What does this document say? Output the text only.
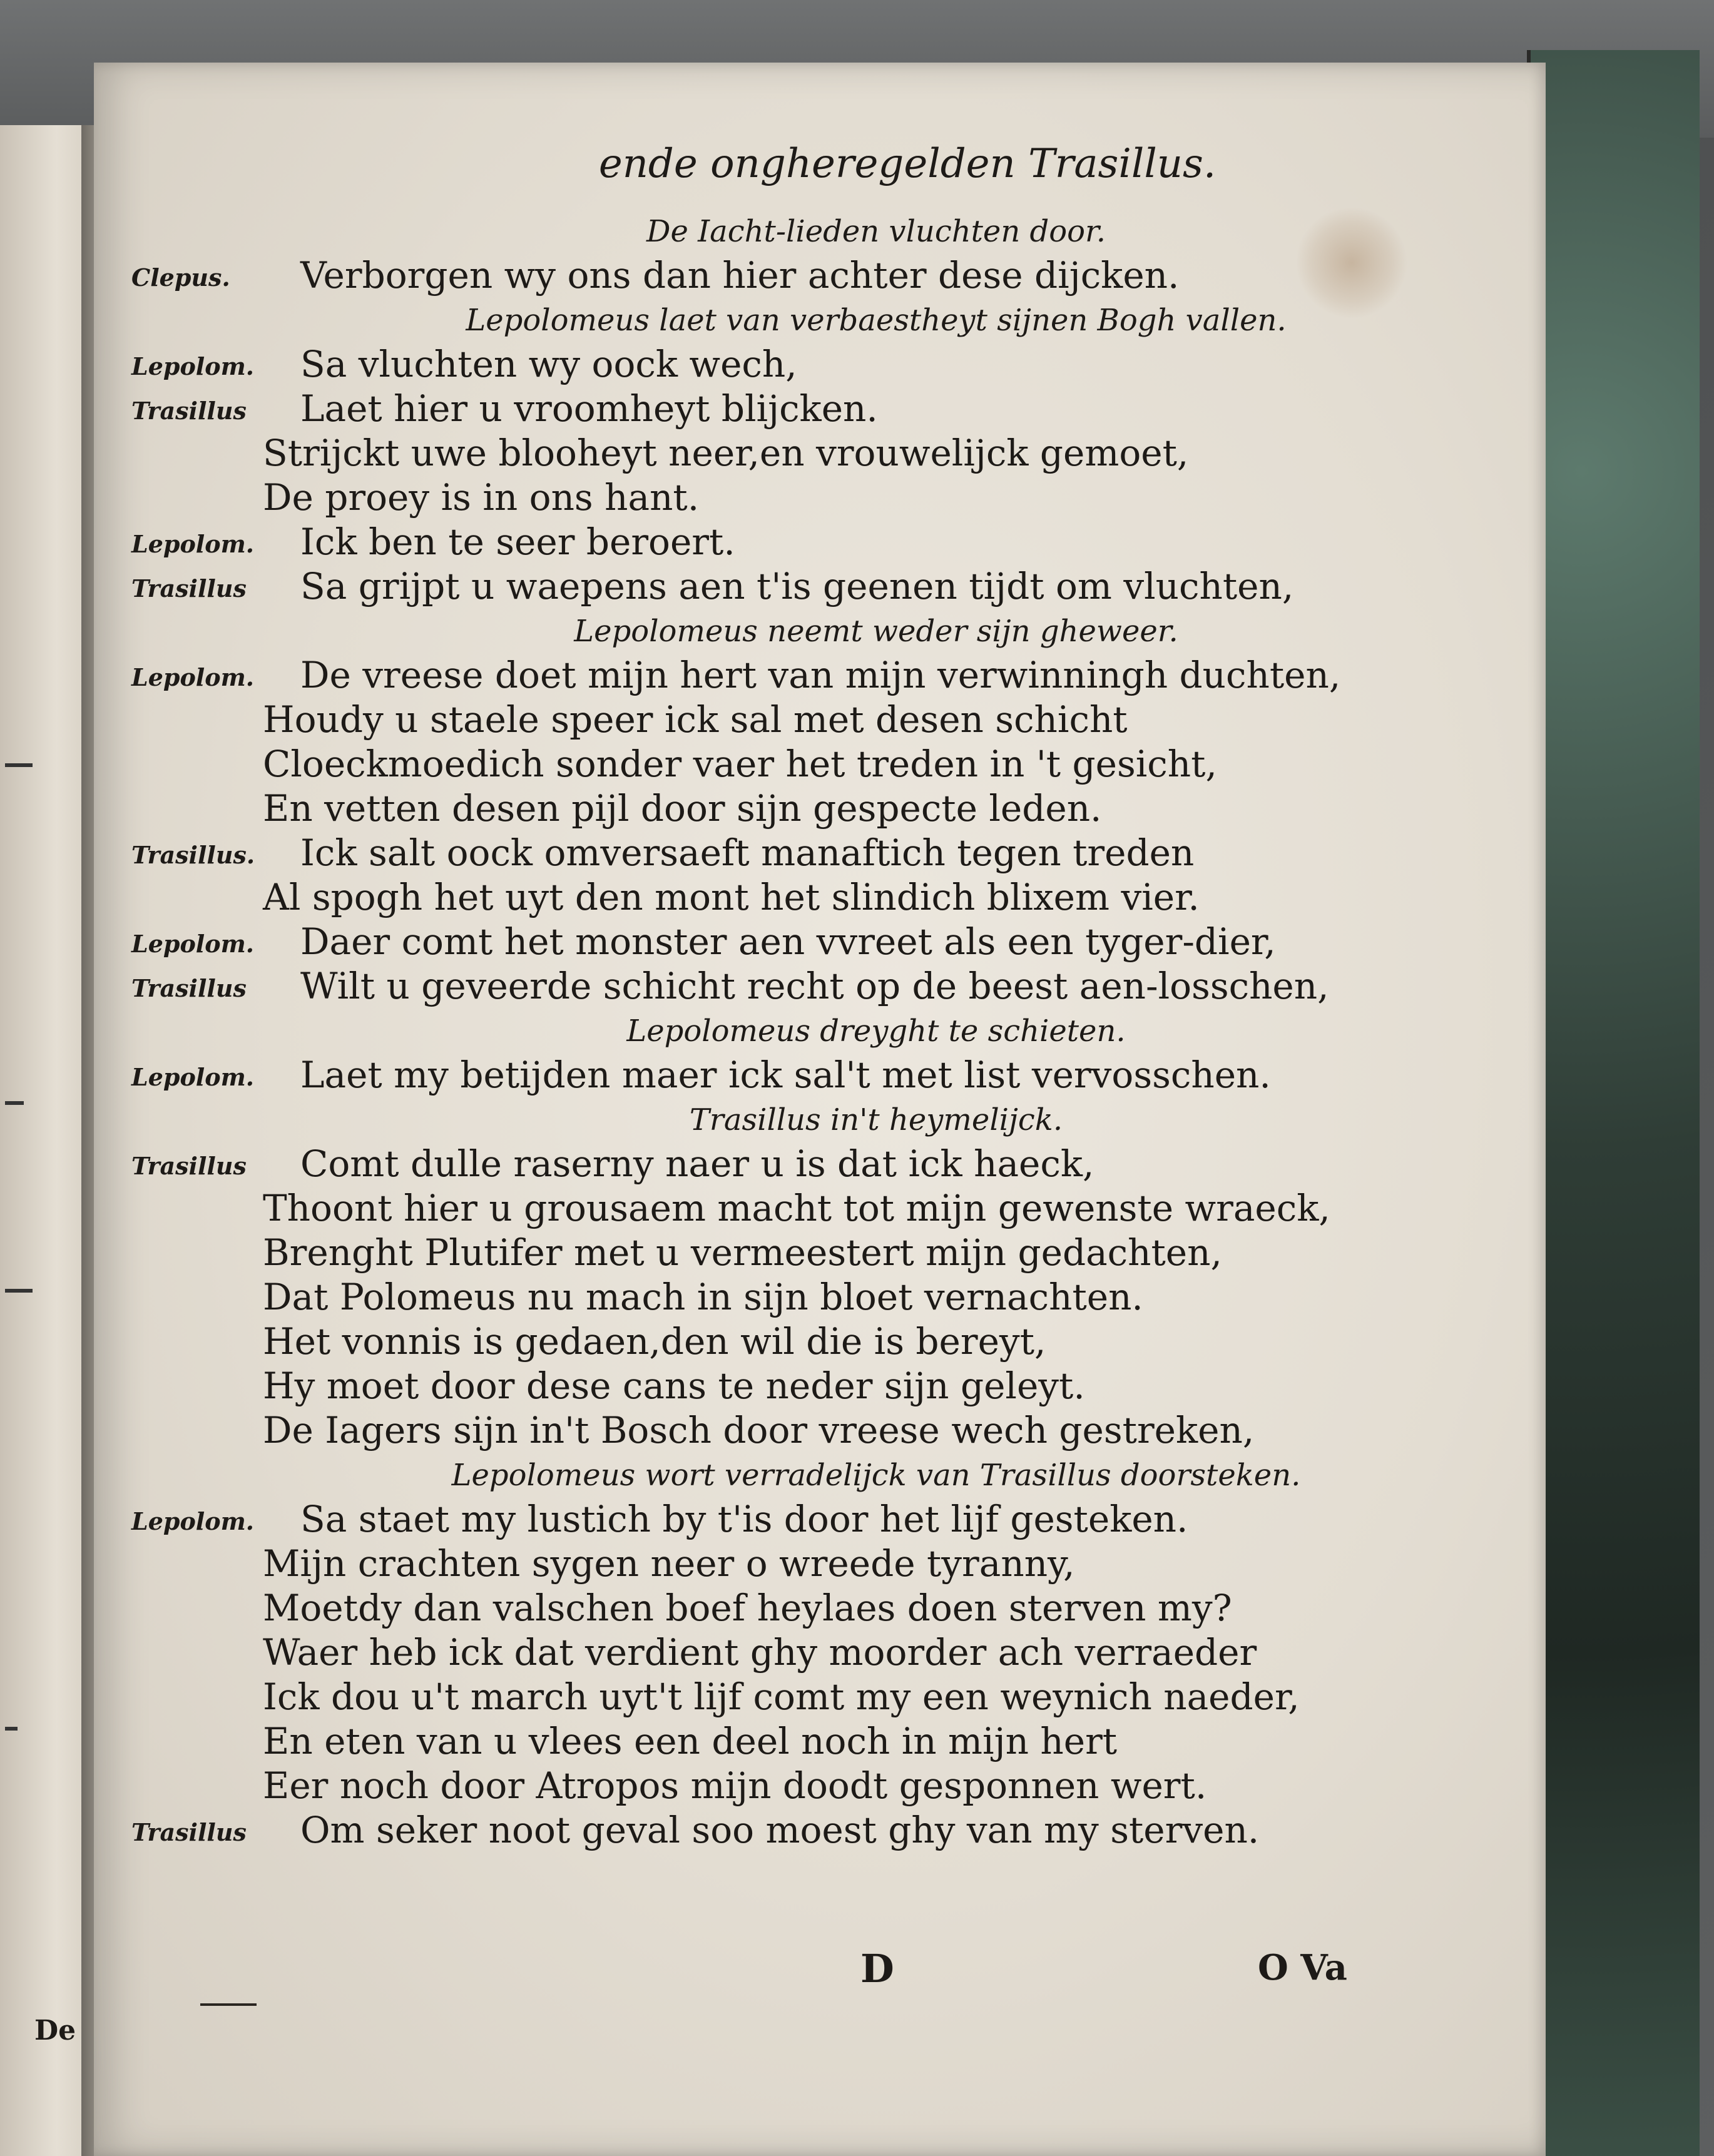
De
ende ongheregelden Trasillus.
De Iacht-lieden vluchten door.
Clepus. Verborgen wy ons dan hier achter dese dijcken.
Lepolomeus laet van verbaestheyt sijnen Bogh vallen.
Lepolom. Sa vluchten wy oock wech,
Trasillus Laet hier u vroomheyt blijcken.
Strijckt uwe blooheyt neer,en vrouwelijck gemoet,
De proey is in ons hant.
Lepolom. Ick ben te seer beroert.
Trasillus Sa grijpt u waepens aen t'is geenen tijdt om vluchten,
Lepolomeus neemt weder sijn gheweer.
Lepolom. De vreese doet mijn hert van mijn verwinningh duchten,
Houdy u staele speer ick sal met desen schicht
Cloeckmoedich sonder vaer het treden in 't gesicht,
En vetten desen pijl door sijn gespecte leden.
Trasillus. Ick salt oock omversaeft manaftich tegen treden
Al spogh het uyt den mont het slindich blixem vier.
Lepolom. Daer comt het monster aen vvreet als een tyger-dier,
Trasillus Wilt u geveerde schicht recht op de beest aen-losschen,
Lepolomeus dreyght te schieten.
Lepolom. Laet my betijden maer ick sal't met list vervosschen.
Trasillus in't heymelijck.
Trasillus Comt dulle raserny naer u is dat ick haeck,
Thoont hier u grousaem macht tot mijn gewenste wraeck,
Brenght Plutifer met u vermeestert mijn gedachten,
Dat Polomeus nu mach in sijn bloet vernachten.
Het vonnis is gedaen,den wil die is bereyt,
Hy moet door dese cans te neder sijn geleyt.
De Iagers sijn in't Bosch door vreese wech gestreken,
Lepolomeus wort verradelijck van Trasillus doorsteken.
Lepolom. Sa staet my lustich by t'is door het lijf gesteken.
Mijn crachten sygen neer o wreede tyranny,
Moetdy dan valschen boef heylaes doen sterven my?
Waer heb ick dat verdient ghy moorder ach verraeder
Ick dou u't march uyt't lijf comt my een weynich naeder,
En eten van u vlees een deel noch in mijn hert
Eer noch door Atropos mijn doodt gesponnen wert.
Trasillus Om seker noot geval soo moest ghy van my sterven.
D	O Va
